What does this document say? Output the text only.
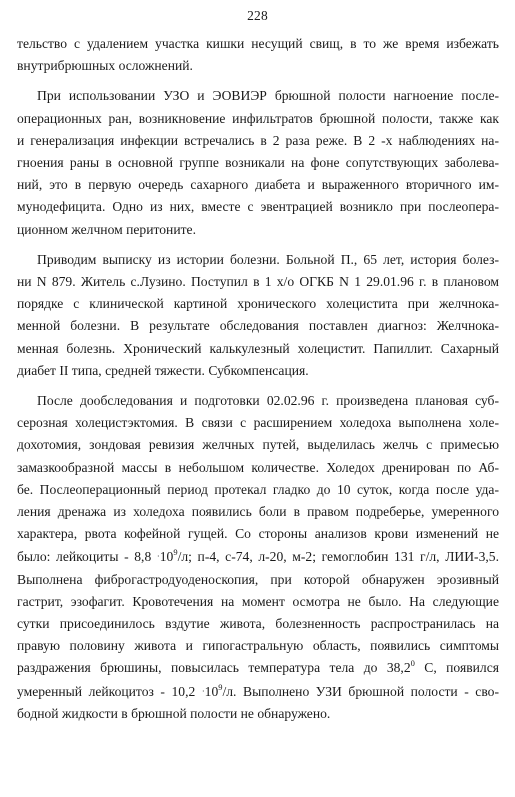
228
тельство с удалением участка кишки несущий свищ, в то же время избежать
внутрибрюшных осложнений.
При использовании УЗО и ЭОВИЭР брюшной полости нагноение после-
операционных ран, возникновение инфильтратов брюшной полости, также как
и генерализация инфекции встречались в 2 раза реже. В 2 -х наблюдениях на-
гноения раны в основной группе возникали на фоне сопутствующих заболева-
ний, это в первую очередь сахарного диабета и выраженного вторичного им-
мунодефицита. Одно из них, вместе с эвентрацией возникло при послеопера-
ционном желчном перитоните.
Приводим выписку из истории болезни. Больной П., 65 лет, история болез-
ни N 879. Житель с.Лузино. Поступил в 1 х/о ОГКБ N 1 29.01.96 г. в плановом
порядке с клинической картиной хронического холецистита при желчнока-
менной болезни. В результате обследования поставлен диагноз: Желчнока-
менная болезнь. Хронический калькулезный холецистит. Папиллит. Сахарный
диабет II типа, средней тяжести. Субкомпенсация.
После дообследования и подготовки 02.02.96 г. произведена плановая суб-
серозная холецистэктомия. В связи с расширением холедоха выполнена холе-
дохотомия, зондовая ревизия желчных путей, выделилась желчь с примесью
замазкообразной массы в небольшом количестве. Холедох дренирован по Аб-
бе. Послеоперационный период протекал гладко до 10 суток, когда после уда-
ления дренажа из холедоха появились боли в правом подреберье, умеренного
характера, рвота кофейной гущей. Со стороны анализов крови изменений не
было: лейкоциты - $8,8 \cdot 10^9/л$; п-4, с-74, л-20, м-2; гемоглобин 131 г/л, ЛИИ-3,5.
Выполнена фиброгастродуоденоскопия, при которой обнаружен эрозивный
гастрит, эзофагит. Кровотечения на момент осмотра не было. На следующие
сутки присоединилось вздутие живота, болезненность распространилась на
правую половину живота и гипогастральную область, появились симптомы
раздражения брюшины, повысилась температура тела до 38,2$^0$ С, появился
умеренный лейкоцитоз - $10,2 \cdot 10^9/л$. Выполнено УЗИ брюшной полости - сво-
бодной жидкости в брюшной полости не обнаружено.
